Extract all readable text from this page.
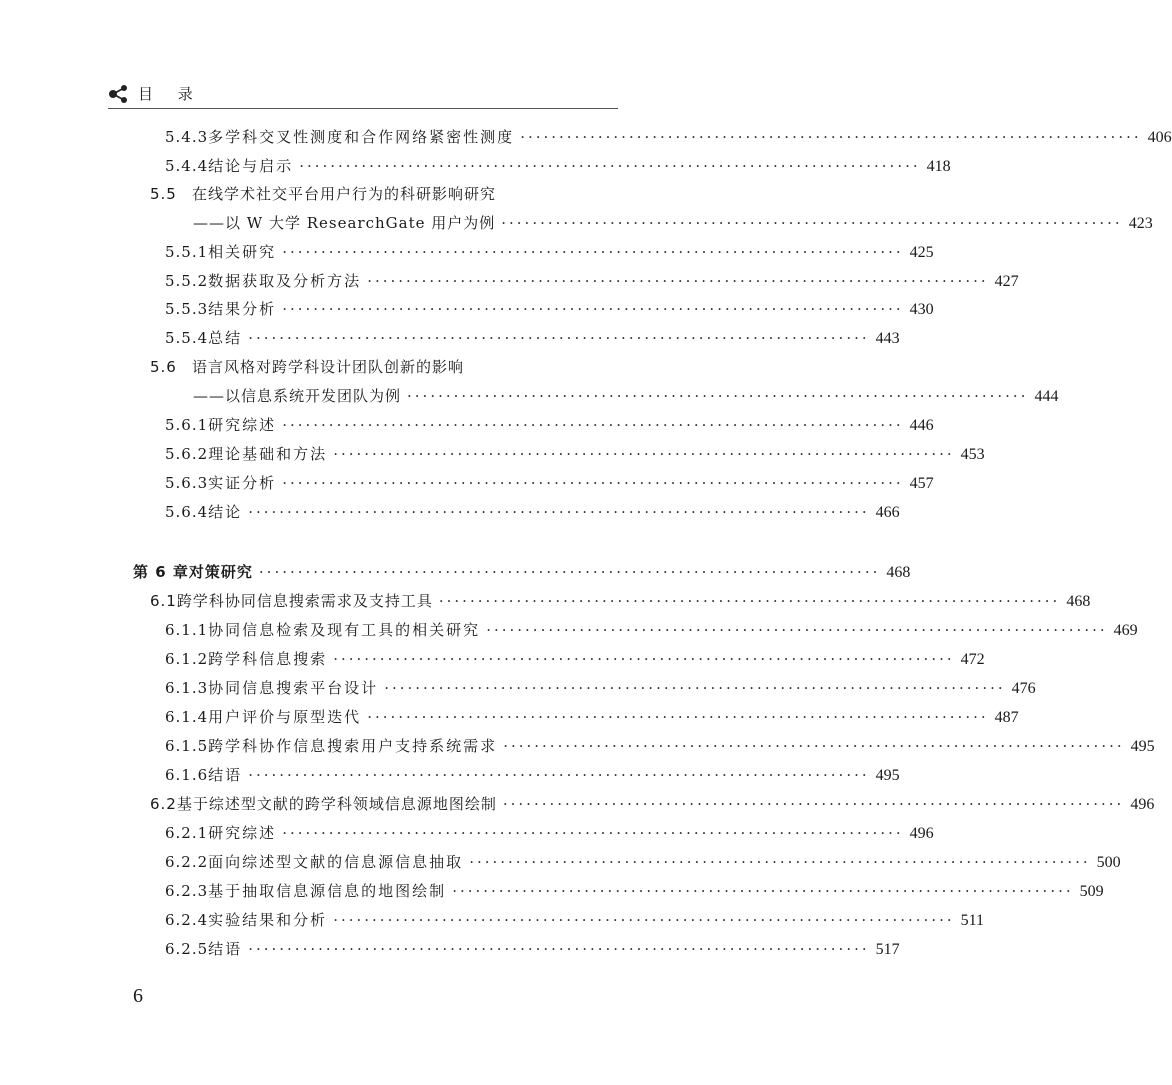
目 录
5.4.3 多学科交叉性测度和合作网络紧密性测度 ················································································ 406
5.4.4 结论与启示 ················································································ 418
5.5	在线学术社交平台用户行为的科研影响研究
——以 W 大学 ResearchGate 用户为例 ················································································ 423
5.5.1 相关研究 ················································································ 425
5.5.2 数据获取及分析方法 ················································································ 427
5.5.3 结果分析 ················································································ 430
5.5.4 总结 ················································································ 443
5.6	语言风格对跨学科设计团队创新的影响
——以信息系统开发团队为例 ················································································ 444
5.6.1 研究综述 ················································································ 446
5.6.2 理论基础和方法 ················································································ 453
5.6.3 实证分析 ················································································ 457
5.6.4 结论 ················································································ 466
第 6 章 对策研究 ················································································ 468
6.1 跨学科协同信息搜索需求及支持工具 ················································································ 468
6.1.1 协同信息检索及现有工具的相关研究 ················································································ 469
6.1.2 跨学科信息搜索 ················································································ 472
6.1.3 协同信息搜索平台设计 ················································································ 476
6.1.4 用户评价与原型迭代 ················································································ 487
6.1.5 跨学科协作信息搜索用户支持系统需求 ················································································ 495
6.1.6 结语 ················································································ 495
6.2 基于综述型文献的跨学科领域信息源地图绘制 ················································································ 496
6.2.1 研究综述 ················································································ 496
6.2.2 面向综述型文献的信息源信息抽取 ················································································ 500
6.2.3 基于抽取信息源信息的地图绘制 ················································································ 509
6.2.4 实验结果和分析 ················································································ 511
6.2.5 结语 ················································································ 517
6
